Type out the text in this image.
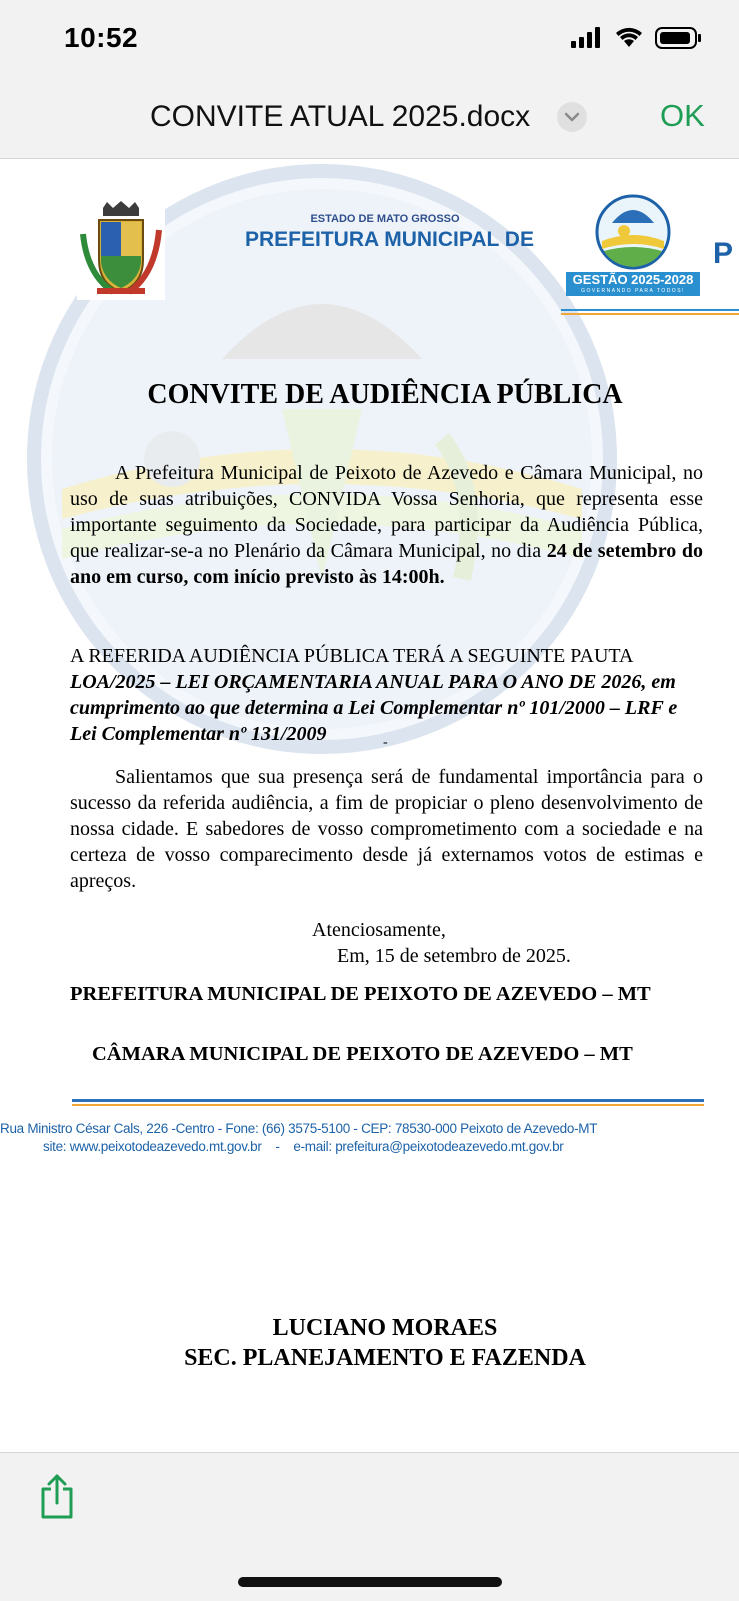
10:52
CONVITE ATUAL 2025.docx	OK
ESTADO DE MATO GROSSO
PREFEITURA MUNICIPAL DE	P
GESTÃO 2025-2028
GOVERNANDO PARA TODOS!
CONVITE DE AUDIÊNCIA PÚBLICA
A Prefeitura Municipal de Peixoto de Azevedo e Câmara Municipal, no uso de suas atribuições, CONVIDA Vossa Senhoria, que representa esse importante seguimento da Sociedade, para participar da Audiência Pública, que realizar-se-a no Plenário da Câmara Municipal, no dia 24 de setembro do ano em curso, com início previsto às 14:00h.
A REFERIDA AUDIÊNCIA PÚBLICA TERÁ A SEGUINTE PAUTA
LOA/2025 – LEI ORÇAMENTARIA ANUAL PARA O ANO DE 2026, em cumprimento ao que determina a Lei Complementar nº 101/2000 – LRF e Lei Complementar nº 131/2009	-
Salientamos que sua presença será de fundamental importância para o sucesso da referida audiência, a fim de propiciar o pleno desenvolvimento de nossa cidade. E sabedores de vosso comprometimento com a sociedade e na certeza de vosso comparecimento desde já externamos votos de estimas e apreços.
Atenciosamente,
Em, 15 de setembro de 2025.
PREFEITURA MUNICIPAL DE PEIXOTO DE AZEVEDO – MT
CÂMARA MUNICIPAL DE PEIXOTO DE AZEVEDO – MT
Rua Ministro César Cals, 226 -Centro - Fone: (66) 3575-5100 - CEP: 78530-000 Peixoto de Azevedo-MT
site: www.peixotodeazevedo.mt.gov.br    -    e-mail: prefeitura@peixotodeazevedo.mt.gov.br
LUCIANO MORAES
SEC. PLANEJAMENTO E FAZENDA
